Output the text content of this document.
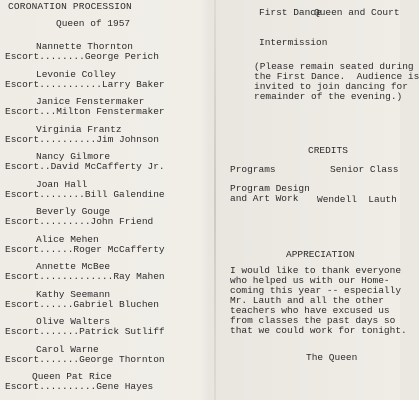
CORONATION PROCESSION
Queen of 1957
Nannette Thornton
Escort........George Perich
Levonie Colley
Escort...........Larry Baker
Janice Fenstermaker
Escort...Milton Fenstermaker
Virginia Frantz
Escort..........Jim Johnson
Nancy Gilmore
Escort..David McCafferty Jr.
Joan Hall
Escort........Bill Galendine
Beverly Gouge
Escort.........John Friend
Alice Mehen
Escort......Roger McCafferty
Annette McBee
Escort.............Ray Mahen
Kathy Seemann
Escort......Gabriel Bluchen
Olive Walters
Escort.......Patrick Sutliff
Carol Warne
Escort.......George Thornton
Queen Pat Rice
Escort..........Gene Hayes
First Dance
Queen and Court
Intermission
(Please remain seated during
the First Dance.  Audience is
invited to join dancing for
remainder of the evening.)
CREDITS
Programs	Senior Class
Program Design
and Art Work	Wendell  Lauth
APPRECIATION
I would like to thank everyone
who helped us with our Home-
coming this year -- especially
Mr. Lauth and all the other
teachers who have excused us
from classes the past days so
that we could work for tonight.
The Queen
